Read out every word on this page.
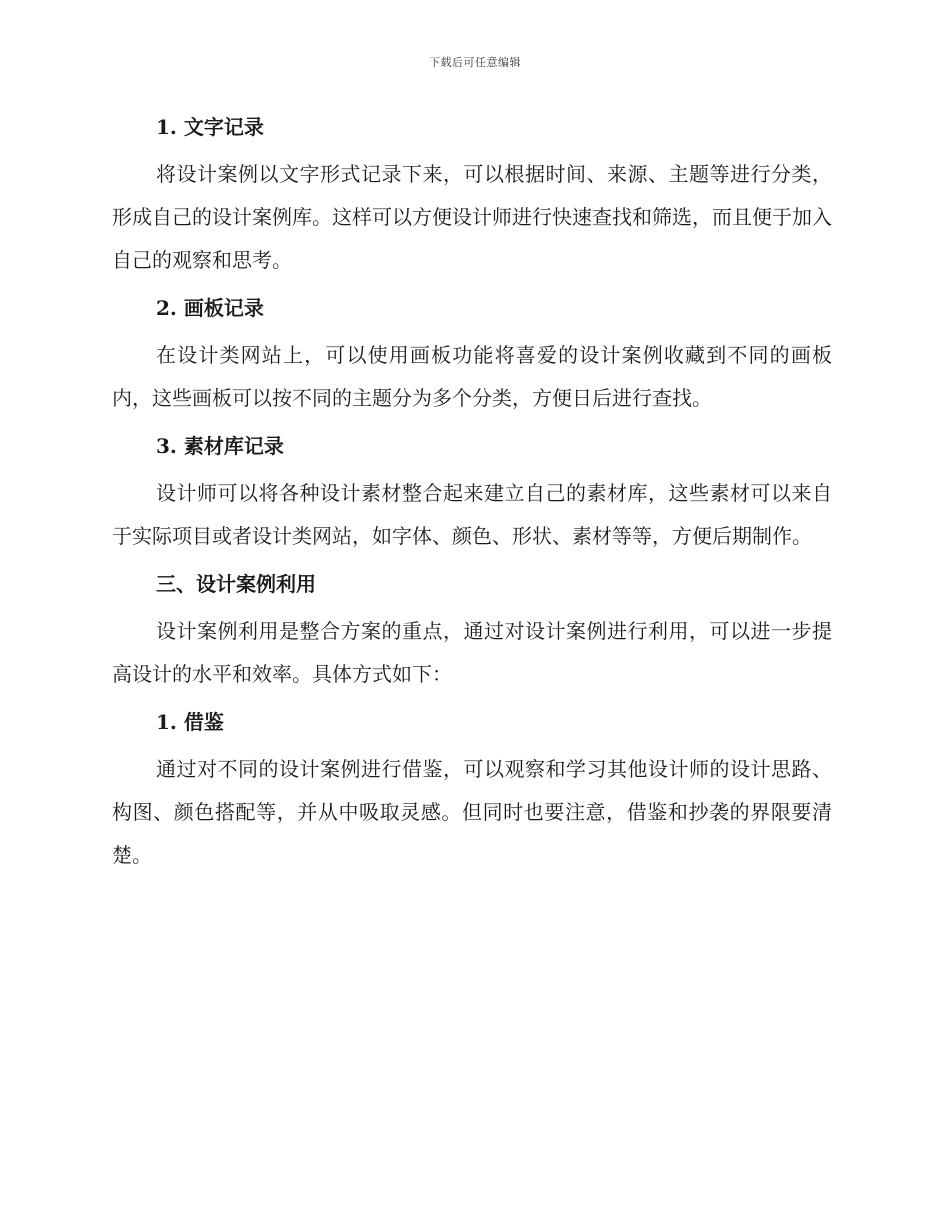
下载后可任意编辑
1. 文字记录

将设计案例以文字形式记录下来，可以根据时间、来源、主题等进行分类，形成自己的设计案例库。这样可以方便设计师进行快速查找和筛选，而且便于加入自己的观察和思考。

2. 画板记录

在设计类网站上，可以使用画板功能将喜爱的设计案例收藏到不同的画板内，这些画板可以按不同的主题分为多个分类，方便日后进行查找。

3. 素材库记录

设计师可以将各种设计素材整合起来建立自己的素材库，这些素材可以来自于实际项目或者设计类网站，如字体、颜色、形状、素材等等，方便后期制作。

三、设计案例利用

设计案例利用是整合方案的重点，通过对设计案例进行利用，可以进一步提高设计的水平和效率。具体方式如下：

1. 借鉴

通过对不同的设计案例进行借鉴，可以观察和学习其他设计师的设计思路、构图、颜色搭配等，并从中吸取灵感。但同时也要注意，借鉴和抄袭的界限要清楚。
